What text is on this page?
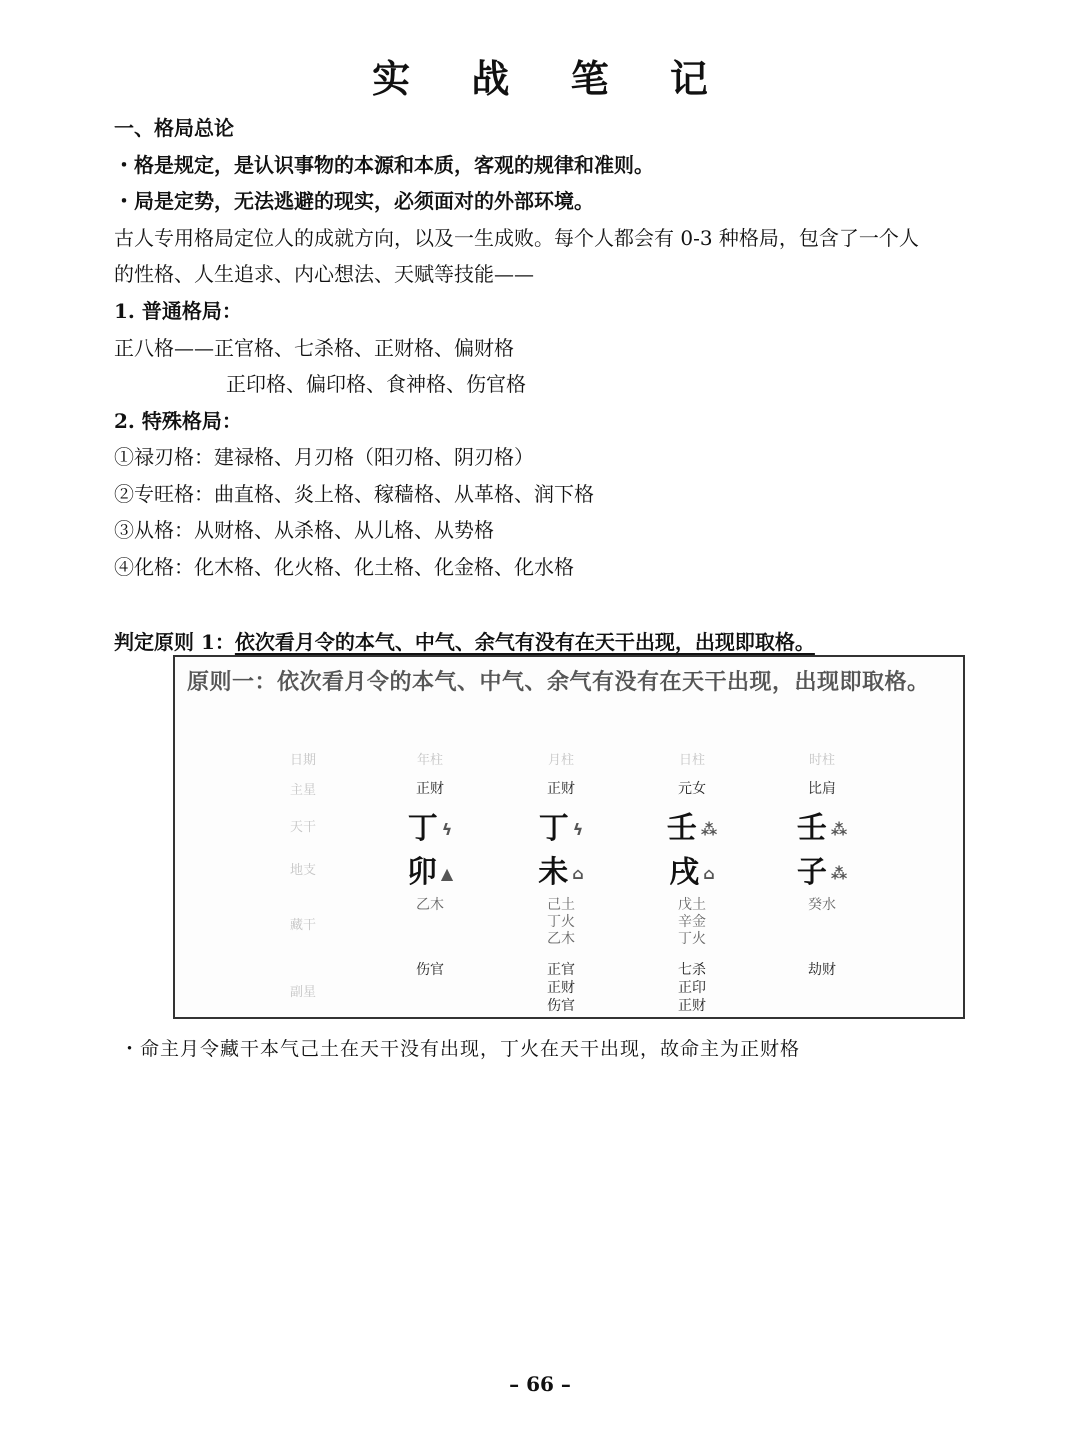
实 战 笔 记
一、格局总论
・格是规定，是认识事物的本源和本质，客观的规律和准则。
・局是定势，无法逃避的现实，必须面对的外部环境。
古人专用格局定位人的成就方向，以及一生成败。每个人都会有 0-3 种格局，包含了一个人
的性格、人生追求、内心想法、天赋等技能——
1. 普通格局：
正八格——正官格、七杀格、正财格、偏财格
正印格、偏印格、食神格、伤官格
2. 特殊格局：
①禄刃格：建禄格、月刃格（阳刃格、阴刃格）
②专旺格：曲直格、炎上格、稼穑格、从革格、润下格
③从格：从财格、从杀格、从儿格、从势格
④化格：化木格、化火格、化土格、化金格、化水格
判定原则 1：依次看月令的本气、中气、余气有没有在天干出现，出现即取格。
原则一：依次看月令的本气、中气、余气有没有在天干出现，出现即取格。
日期
主星
天干
地支
藏干
副星
年柱
正财
丁ϟ
卯 ▲
乙木
伤官
月柱
正财
丁ϟ
未 ⌂
己土
丁火
乙木
正官
正财
伤官
日柱
元女
壬 ⁂
戌 ⌂
戊土
辛金
丁火
七杀
正印
正财
时柱
比肩
壬 ⁂
子 ⁂
癸水
劫财
・命主月令藏干本气己土在天干没有出现，丁火在天干出现，故命主为正财格
– 66 –
